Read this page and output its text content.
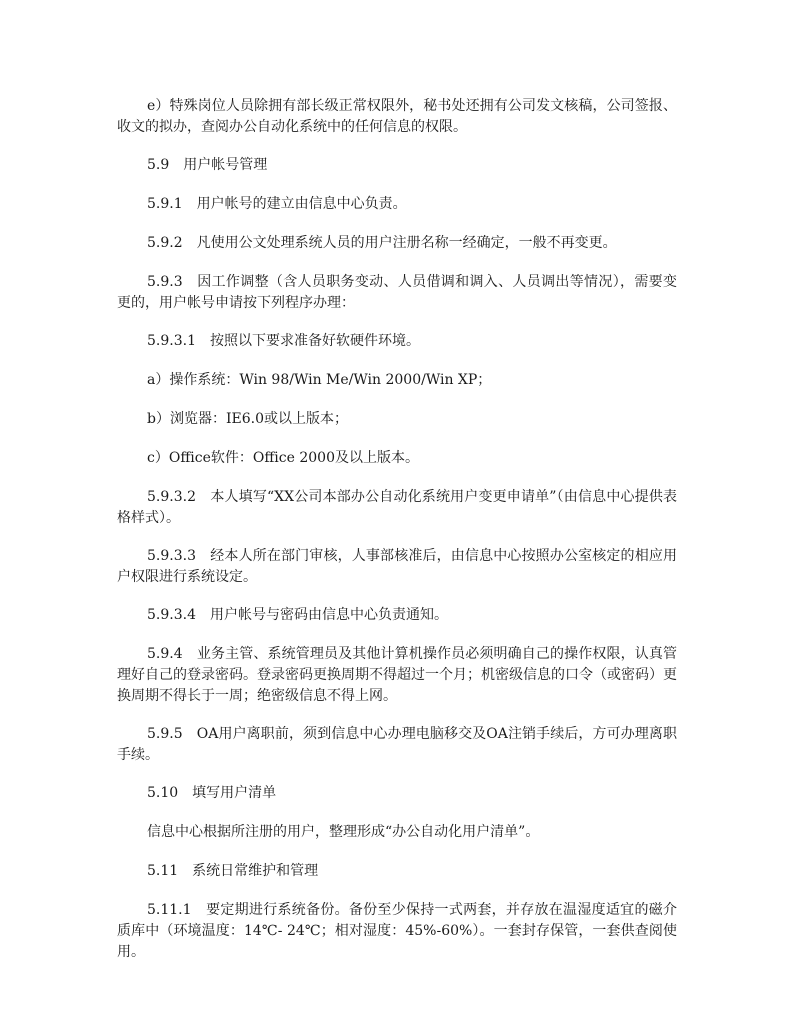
e）特殊岗位人员除拥有部长级正常权限外，秘书处还拥有公司发文核稿，公司签报、收文的拟办，查阅办公自动化系统中的任何信息的权限。

5.9　用户帐号管理

5.9.1　用户帐号的建立由信息中心负责。

5.9.2　凡使用公文处理系统人员的用户注册名称一经确定，一般不再变更。

5.9.3　因工作调整（含人员职务变动、人员借调和调入、人员调出等情况），需要变更的，用户帐号申请按下列程序办理：

5.9.3.1　按照以下要求准备好软硬件环境。

a）操作系统：Win 98/Win Me/Win 2000/Win XP；

b）浏览器：IE6.0或以上版本；

c）Office软件：Office 2000及以上版本。

5.9.3.2　本人填写“XX公司本部办公自动化系统用户变更申请单”（由信息中心提供表格样式）。

5.9.3.3　经本人所在部门审核，人事部核准后，由信息中心按照办公室核定的相应用户权限进行系统设定。

5.9.3.4　用户帐号与密码由信息中心负责通知。

5.9.4　业务主管、系统管理员及其他计算机操作员必须明确自己的操作权限，认真管理好自己的登录密码。登录密码更换周期不得超过一个月；机密级信息的口令（或密码）更换周期不得长于一周；绝密级信息不得上网。

5.9.5　OA用户离职前，须到信息中心办理电脑移交及OA注销手续后，方可办理离职手续。

5.10　填写用户清单

信息中心根据所注册的用户，整理形成“办公自动化用户清单”。

5.11　系统日常维护和管理

5.11.1　要定期进行系统备份。备份至少保持一式两套，并存放在温湿度适宜的磁介质库中（环境温度：14℃- 24℃；相对湿度：45%-60%）。一套封存保管，一套供查阅使用。
